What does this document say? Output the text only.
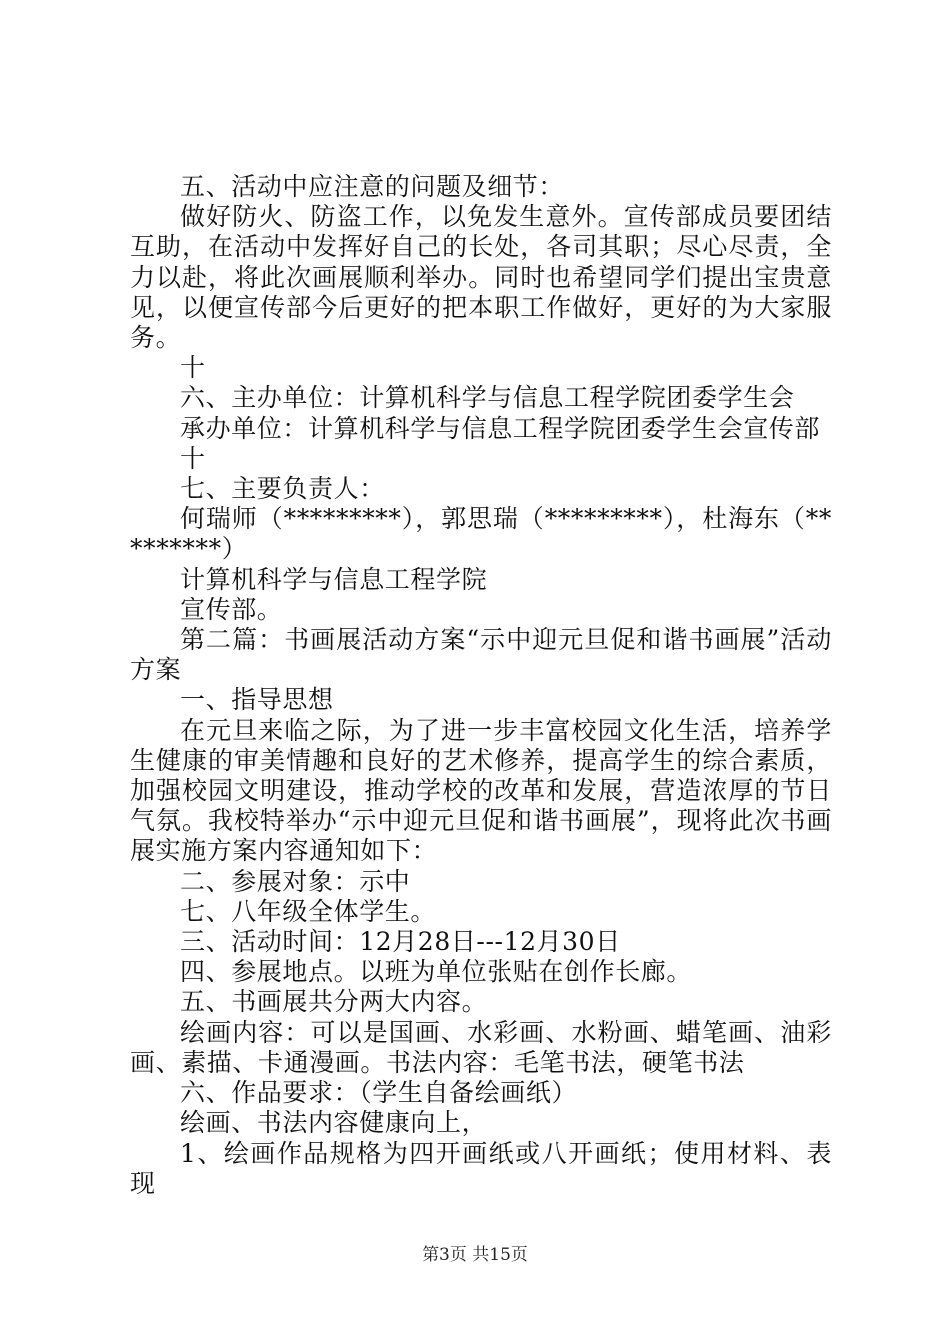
五、活动中应注意的问题及细节：

做好防火、防盗工作，以免发生意外。宣传部成员要团结互助，在活动中发挥好自己的长处，各司其职；尽心尽责，全力以赴，将此次画展顺利举办。同时也希望同学们提出宝贵意见，以便宣传部今后更好的把本职工作做好，更好的为大家服务。

十

六、主办单位：计算机科学与信息工程学院团委学生会

承办单位：计算机科学与信息工程学院团委学生会宣传部

十

七、主要负责人：

何瑞师（*********），郭思瑞（*********），杜海东（*********）

计算机科学与信息工程学院

宣传部。

第二篇：书画展活动方案“示中迎元旦促和谐书画展”活动方案

一、指导思想

在元旦来临之际，为了进一步丰富校园文化生活，培养学生健康的审美情趣和良好的艺术修养，提高学生的综合素质，加强校园文明建设，推动学校的改革和发展，营造浓厚的节日气氛。我校特举办“示中迎元旦促和谐书画展”，现将此次书画展实施方案内容通知如下：

二、参展对象：示中

七、八年级全体学生。

三、活动时间：12月28日---12月30日

四、参展地点。以班为单位张贴在创作长廊。

五、书画展共分两大内容。

绘画内容：可以是国画、水彩画、水粉画、蜡笔画、油彩画、素描、卡通漫画。书法内容：毛笔书法，硬笔书法

六、作品要求：（学生自备绘画纸）

绘画、书法内容健康向上，

1、绘画作品规格为四开画纸或八开画纸；使用材料、表现

第3页 共15页
